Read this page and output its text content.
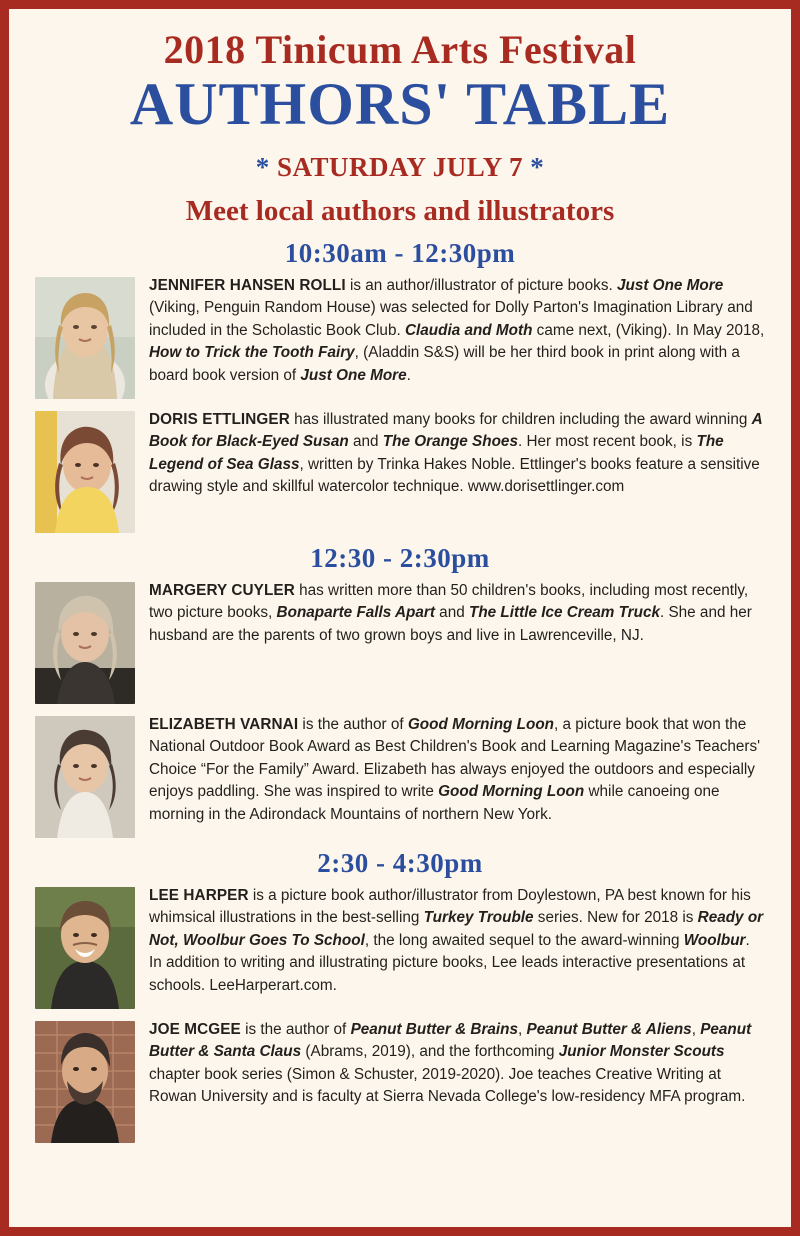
2018 Tinicum Arts Festival
AUTHORS' TABLE
* SATURDAY JULY 7 *
Meet local authors and illustrators
10:30am - 12:30pm
JENNIFER HANSEN ROLLI is an author/illustrator of picture books. Just One More (Viking, Penguin Random House) was selected for Dolly Parton's Imagination Library and included in the Scholastic Book Club. Claudia and Moth came next, (Viking). In May 2018, How to Trick the Tooth Fairy, (Aladdin S&S) will be her third book in print along with a board book version of Just One More.
DORIS ETTLINGER has illustrated many books for children including the award winning A Book for Black-Eyed Susan and The Orange Shoes. Her most recent book, is The Legend of Sea Glass, written by Trinka Hakes Noble. Ettlinger's books feature a sensitive drawing style and skillful watercolor technique. www.dorisettlinger.com
12:30 - 2:30pm
MARGERY CUYLER has written more than 50 children's books, including most recently, two picture books, Bonaparte Falls Apart and The Little Ice Cream Truck. She and her husband are the parents of two grown boys and live in Lawrenceville, NJ.
ELIZABETH VARNAI is the author of Good Morning Loon, a picture book that won the National Outdoor Book Award as Best Children's Book and Learning Magazine's Teachers' Choice “For the Family” Award. Elizabeth has always enjoyed the outdoors and especially enjoys paddling. She was inspired to write Good Morning Loon while canoeing one morning in the Adirondack Mountains of northern New York.
2:30 - 4:30pm
LEE HARPER is a picture book author/illustrator from Doylestown, PA best known for his whimsical illustrations in the best-selling Turkey Trouble series. New for 2018 is Ready or Not, Woolbur Goes To School, the long awaited sequel to the award-winning Woolbur. In addition to writing and illustrating picture books, Lee leads interactive presentations at schools. LeeHarperart.com.
JOE MCGEE is the author of Peanut Butter & Brains, Peanut Butter & Aliens, Peanut Butter & Santa Claus (Abrams, 2019), and the forthcoming Junior Monster Scouts chapter book series (Simon & Schuster, 2019-2020). Joe teaches Creative Writing at Rowan University and is faculty at Sierra Nevada College's low-residency MFA program.
